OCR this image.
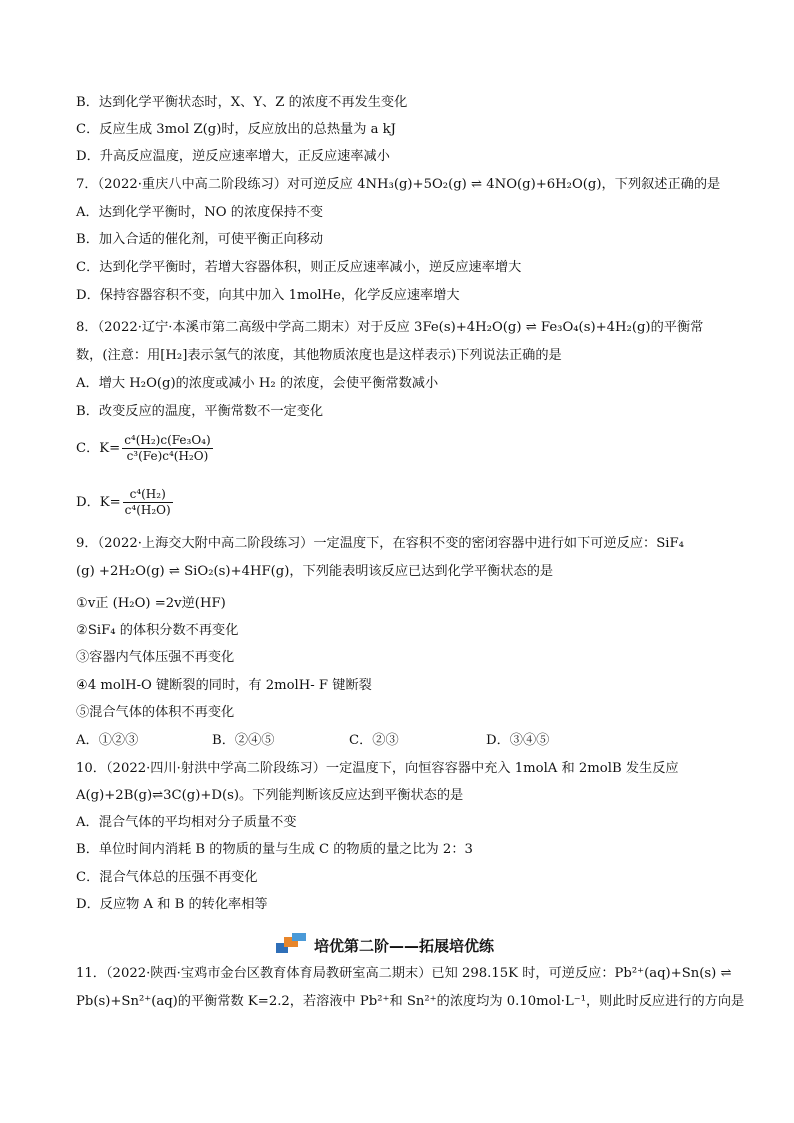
B．达到化学平衡状态时，X、Y、Z 的浓度不再发生变化
C．反应生成 3mol Z(g)时，反应放出的总热量为 a kJ
D．升高反应温度，逆反应速率增大，正反应速率减小
7．（2022·重庆八中高二阶段练习）对可逆反应 4NH₃(g)+5O₂(g) ⇌ 4NO(g)+6H₂O(g)，下列叙述正确的是
A．达到化学平衡时，NO 的浓度保持不变
B．加入合适的催化剂，可使平衡正向移动
C．达到化学平衡时，若增大容器体积，则正反应速率减小，逆反应速率增大
D．保持容器容积不变，向其中加入 1molHe，化学反应速率增大
8．（2022·辽宁·本溪市第二高级中学高二期末）对于反应 3Fe(s)+4H₂O(g) ⇌ Fe₃O₄(s)+4H₂(g)的平衡常
数，(注意：用[H₂]表示氢气的浓度，其他物质浓度也是这样表示)下列说法正确的是
A．增大 H₂O(g)的浓度或减小 H₂ 的浓度，会使平衡常数减小
B．改变反应的温度，平衡常数不一定变化
C．$K= \frac{\text{c⁴(H₂)c(Fe₃O₄)}}{\text{c³(Fe)c⁴(H₂O)}}$
D．$K= \frac{\text{c⁴(H₂)}}{\text{c⁴(H₂O)}}$
9．（2022·上海交大附中高二阶段练习）一定温度下，在容积不变的密闭容器中进行如下可逆反应：SiF₄
(g) +2H₂O(g) ⇌ SiO₂(s)+4HF(g)，下列能表明该反应已达到化学平衡状态的是
①v正 (H₂O) =2v逆(HF)
②SiF₄ 的体积分数不再变化
③容器内气体压强不再变化
④4 molH-O 键断裂的同时，有 2molH- F 键断裂
⑤混合气体的体积不再变化
A．①②③	B．②④⑤	C．②③	D．③④⑤
10．（2022·四川·射洪中学高二阶段练习）一定温度下，向恒容容器中充入 1molA 和 2molB 发生反应
A(g)+2B(g)⇌3C(g)+D(s)。下列能判断该反应达到平衡状态的是
A．混合气体的平均相对分子质量不变
B．单位时间内消耗 B 的物质的量与生成 C 的物质的量之比为 2：3
C．混合气体总的压强不再变化
D．反应物 A 和 B 的转化率相等
培优第二阶——拓展培优练
11．（2022·陕西·宝鸡市金台区教育体育局教研室高二期末）已知 298.15K 时，可逆反应：Pb²⁺(aq)+Sn(s) ⇌
Pb(s)+Sn²⁺(aq)的平衡常数 K=2.2，若溶液中 Pb²⁺和 Sn²⁺的浓度均为 0.10mol·L⁻¹，则此时反应进行的方向是
